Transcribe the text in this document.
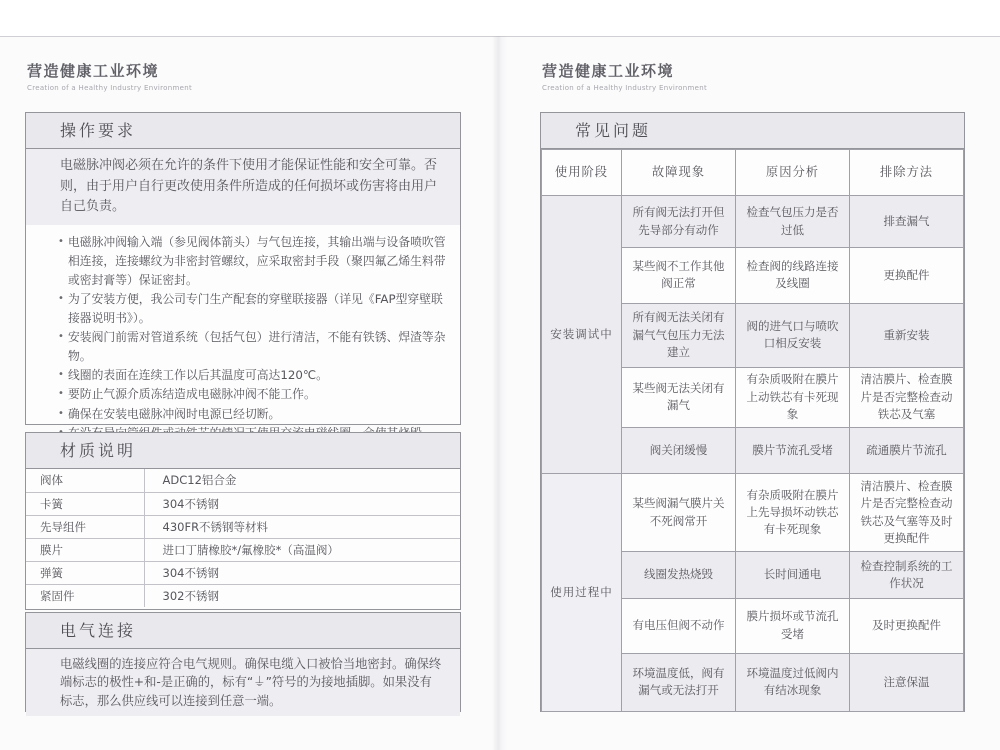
营造健康工业环境
Creation of a Healthy Industry Environment
操作要求
电磁脉冲阀必须在允许的条件下使用才能保证性能和安全可靠。否则，由于用户自行更改使用条件所造成的任何损坏或伤害将由用户自己负责。
• 电磁脉冲阀输入端（参见阀体箭头）与气包连接，其输出端与设备喷吹管相连接，连接螺纹为非密封管螺纹，应采取密封手段（聚四氟乙烯生料带或密封膏等）保证密封。
• 为了安装方便，我公司专门生产配套的穿壁联接器（详见《FAP型穿壁联接器说明书》）。
• 安装阀门前需对管道系统（包括气包）进行清洁，不能有铁锈、焊渣等杂物。
• 线圈的表面在连续工作以后其温度可高达120℃。
• 要防止气源介质冻结造成电磁脉冲阀不能工作。
• 确保在安装电磁脉冲阀时电源已经切断。
•
材质说明
阀体	ADC12铝合金
卡簧	304不锈钢
先导组件	430FR不锈钢等材料
膜片	进口丁腈橡胶*/氟橡胶*（高温阀）
弹簧	304不锈钢
紧固件	302不锈钢
电气连接
电磁线圈的连接应符合电气规则。确保电缆入口被恰当地密封。确保终端标志的极性+和-是正确的，标有“⏚”符号的为接地插脚。如果没有标志，那么供应线可以连接到任意一端。
营造健康工业环境
Creation of a Healthy Industry Environment
常见问题
使用阶段	故障现象	原因分析	排除方法
安装调试中	所有阀无法打开但先导部分有动作	检查气包压力是否过低	排查漏气
	某些阀不工作其他阀正常	检查阀的线路连接及线圈	更换配件
	所有阀无法关闭有漏气气包压力无法建立	阀的进气口与喷吹口相反安装	重新安装
	某些阀无法关闭有漏气	有杂质吸附在膜片上动铁芯有卡死现象	清洁膜片、检查膜片是否完整检查动铁芯及气塞
	阀关闭缓慢	膜片节流孔受堵	疏通膜片节流孔
使用过程中	某些阀漏气膜片关不死阀常开	有杂质吸附在膜片上先导损坏动铁芯有卡死现象	清洁膜片、检查膜片是否完整检查动铁芯及气塞等及时更换配件
	线圈发热烧毁	长时间通电	检查控制系统的工作状况
	有电压但阀不动作	膜片损坏或节流孔受堵	及时更换配件
	环境温度低，阀有漏气或无法打开	环境温度过低阀内有结冰现象	注意保温
